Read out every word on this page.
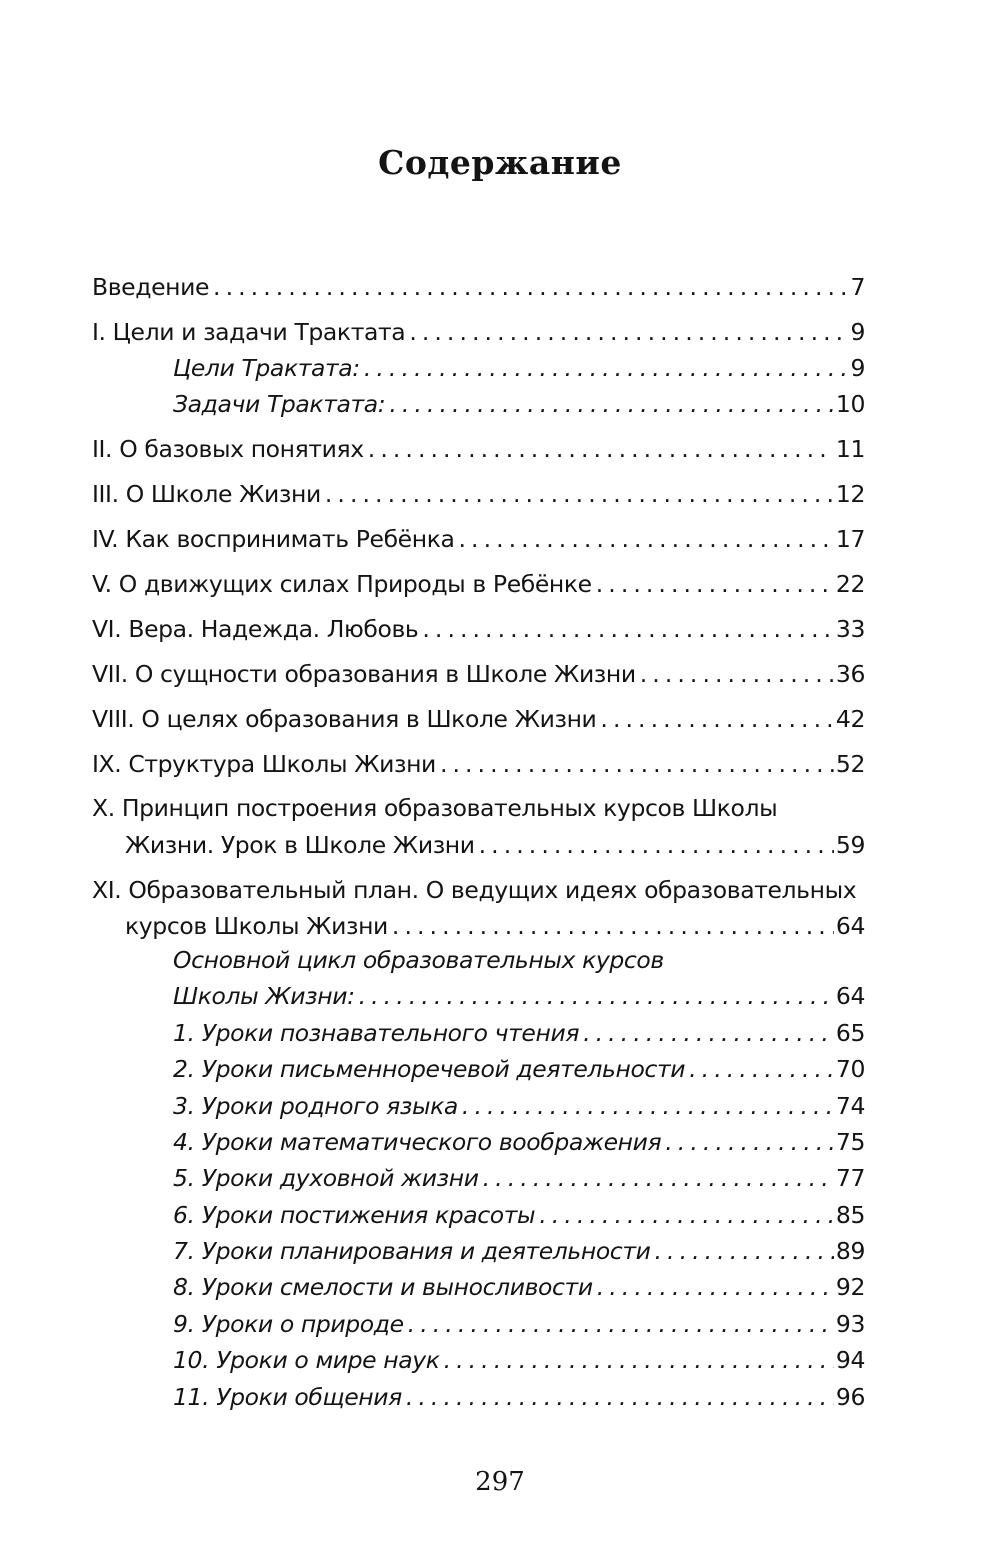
Содержание
Введение . . .	7
I. Цели и задачи Трактата . . .	9
Цели Трактата: . . .	9
Задачи Трактата: . . .	10
II. О базовых понятиях . . .	11
III. О Школе Жизни . . .	12
IV. Как воспринимать Ребёнка . . .	17
V. О движущих силах Природы в Ребёнке . . .	22
VI. Вера. Надежда. Любовь . . .	33
VII. О сущности образования в Школе Жизни . . .	36
VIII. О целях образования в Школе Жизни . . .	42
IX. Структура Школы Жизни . . .	52
X. Принцип построения образовательных курсов Школы
Жизни. Урок в Школе Жизни . . .	59
XI. Образовательный план. О ведущих идеях образовательных
курсов Школы Жизни . . .	64
Основной цикл образовательных курсов
Школы Жизни: . . .	64
1. Уроки познавательного чтения . . .	65
2. Уроки письменноречевой деятельности . . .	70
3. Уроки родного языка . . .	74
4. Уроки математического воображения . . .	75
5. Уроки духовной жизни . . .	77
6. Уроки постижения красоты . . .	85
7. Уроки планирования и деятельности . . .	89
8. Уроки смелости и выносливости . . .	92
9. Уроки о природе . . .	93
10. Уроки о мире наук . . .	94
11. Уроки общения . . .	96
297
